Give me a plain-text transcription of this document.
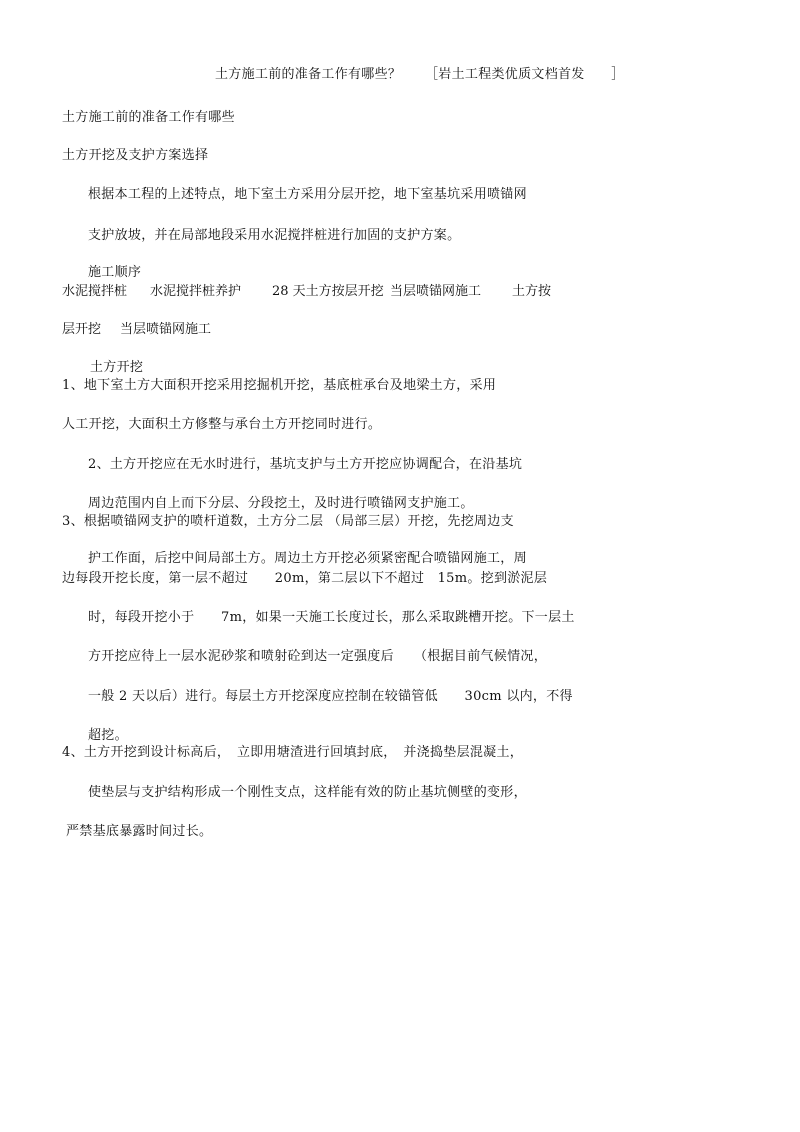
土方施工前的准备工作有哪些？ ［岩土工程类优质文档首发　　］
土方施工前的准备工作有哪些
土方开挖及支护方案选择
根据本工程的上述特点，地下室土方采用分层开挖，地下室基坑采用喷锚网
支护放坡，并在局部地段采用水泥搅拌桩进行加固的支护方案。
施工顺序
水泥搅拌桩 水泥搅拌桩养护 28 天土方按层开挖 当层喷锚网施工 土方按
层开挖 当层喷锚网施工
土方开挖
1、地下室土方大面积开挖采用挖掘机开挖，基底桩承台及地梁土方，采用
人工开挖，大面积土方修整与承台土方开挖同时进行。
2、土方开挖应在无水时进行，基坑支护与土方开挖应协调配合，在沿基坑
周边范围内自上而下分层、分段挖土，及时进行喷锚网支护施工。
3、根据喷锚网支护的喷杆道数，土方分二层 （局部三层）开挖，先挖周边支
护工作面，后挖中间局部土方。周边土方开挖必须紧密配合喷锚网施工，周
边每段开挖长度，第一层不超过　　20m，第二层以下不超过　15m。挖到淤泥层
时，每段开挖小于　　7m，如果一天施工长度过长，那么采取跳槽开挖。下一层土
方开挖应待上一层水泥砂浆和喷射砼到达一定强度后　　（根据目前气候情况，
一般 2 天以后）进行。每层土方开挖深度应控制在较锚管低　　30cm 以内，不得
超挖。
4、土方开挖到设计标高后，　立即用塘渣进行回填封底，　并浇捣垫层混凝土，
使垫层与支护结构形成一个刚性支点，这样能有效的防止基坑侧壁的变形，
严禁基底暴露时间过长。
